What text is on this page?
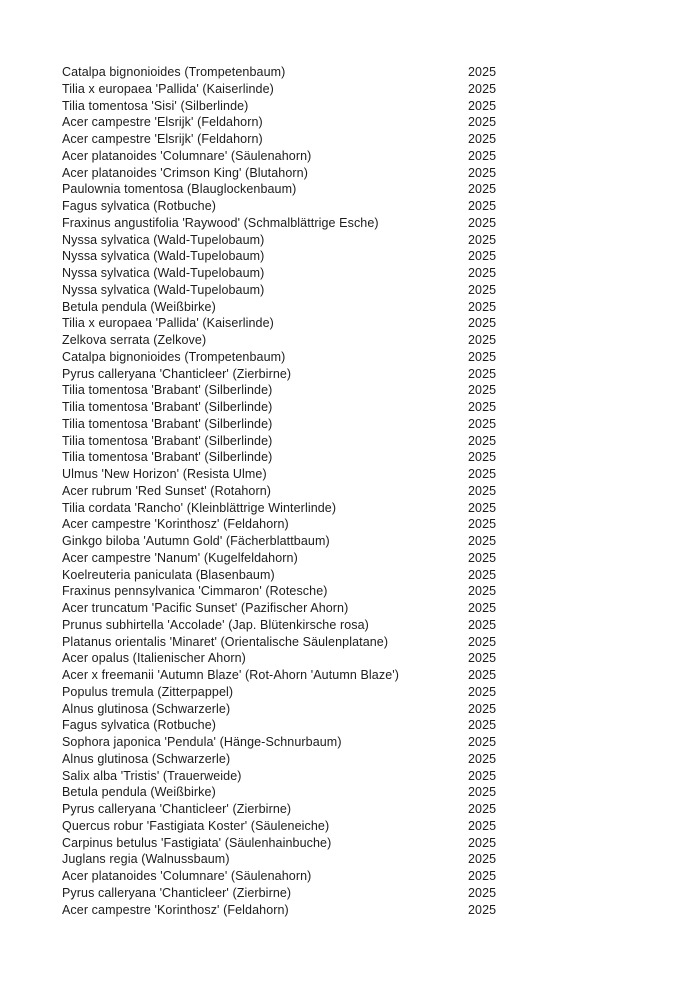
Catalpa bignonioides (Trompetenbaum)	2025
Tilia x europaea 'Pallida' (Kaiserlinde)	2025
Tilia tomentosa 'Sisi' (Silberlinde)	2025
Acer campestre 'Elsrijk' (Feldahorn)	2025
Acer campestre 'Elsrijk' (Feldahorn)	2025
Acer platanoides 'Columnare' (Säulenahorn)	2025
Acer platanoides 'Crimson King' (Blutahorn)	2025
Paulownia tomentosa (Blauglockenbaum)	2025
Fagus sylvatica (Rotbuche)	2025
Fraxinus angustifolia 'Raywood' (Schmalblättrige Esche)	2025
Nyssa sylvatica (Wald-Tupelobaum)	2025
Nyssa sylvatica (Wald-Tupelobaum)	2025
Nyssa sylvatica (Wald-Tupelobaum)	2025
Nyssa sylvatica (Wald-Tupelobaum)	2025
Betula pendula (Weißbirke)	2025
Tilia x europaea 'Pallida' (Kaiserlinde)	2025
Zelkova serrata (Zelkove)	2025
Catalpa bignonioides (Trompetenbaum)	2025
Pyrus calleryana 'Chanticleer' (Zierbirne)	2025
Tilia tomentosa 'Brabant' (Silberlinde)	2025
Tilia tomentosa 'Brabant' (Silberlinde)	2025
Tilia tomentosa 'Brabant' (Silberlinde)	2025
Tilia tomentosa 'Brabant' (Silberlinde)	2025
Tilia tomentosa 'Brabant' (Silberlinde)	2025
Ulmus 'New Horizon' (Resista Ulme)	2025
Acer rubrum 'Red Sunset' (Rotahorn)	2025
Tilia cordata 'Rancho' (Kleinblättrige Winterlinde)	2025
Acer campestre 'Korinthosz' (Feldahorn)	2025
Ginkgo biloba 'Autumn Gold' (Fächerblattbaum)	2025
Acer campestre 'Nanum' (Kugelfeldahorn)	2025
Koelreuteria paniculata (Blasenbaum)	2025
Fraxinus pennsylvanica 'Cimmaron' (Rotesche)	2025
Acer truncatum 'Pacific Sunset' (Pazifischer Ahorn)	2025
Prunus subhirtella 'Accolade' (Jap. Blütenkirsche rosa)	2025
Platanus orientalis 'Minaret' (Orientalische Säulenplatane)	2025
Acer opalus (Italienischer Ahorn)	2025
Acer x freemanii 'Autumn Blaze' (Rot-Ahorn 'Autumn Blaze')	2025
Populus tremula (Zitterpappel)	2025
Alnus glutinosa (Schwarzerle)	2025
Fagus sylvatica (Rotbuche)	2025
Sophora japonica 'Pendula' (Hänge-Schnurbaum)	2025
Alnus glutinosa (Schwarzerle)	2025
Salix alba 'Tristis' (Trauerweide)	2025
Betula pendula (Weißbirke)	2025
Pyrus calleryana 'Chanticleer' (Zierbirne)	2025
Quercus robur 'Fastigiata Koster' (Säuleneiche)	2025
Carpinus betulus 'Fastigiata' (Säulenhainbuche)	2025
Juglans regia (Walnussbaum)	2025
Acer platanoides 'Columnare' (Säulenahorn)	2025
Pyrus calleryana 'Chanticleer' (Zierbirne)	2025
Acer campestre 'Korinthosz' (Feldahorn)	2025
